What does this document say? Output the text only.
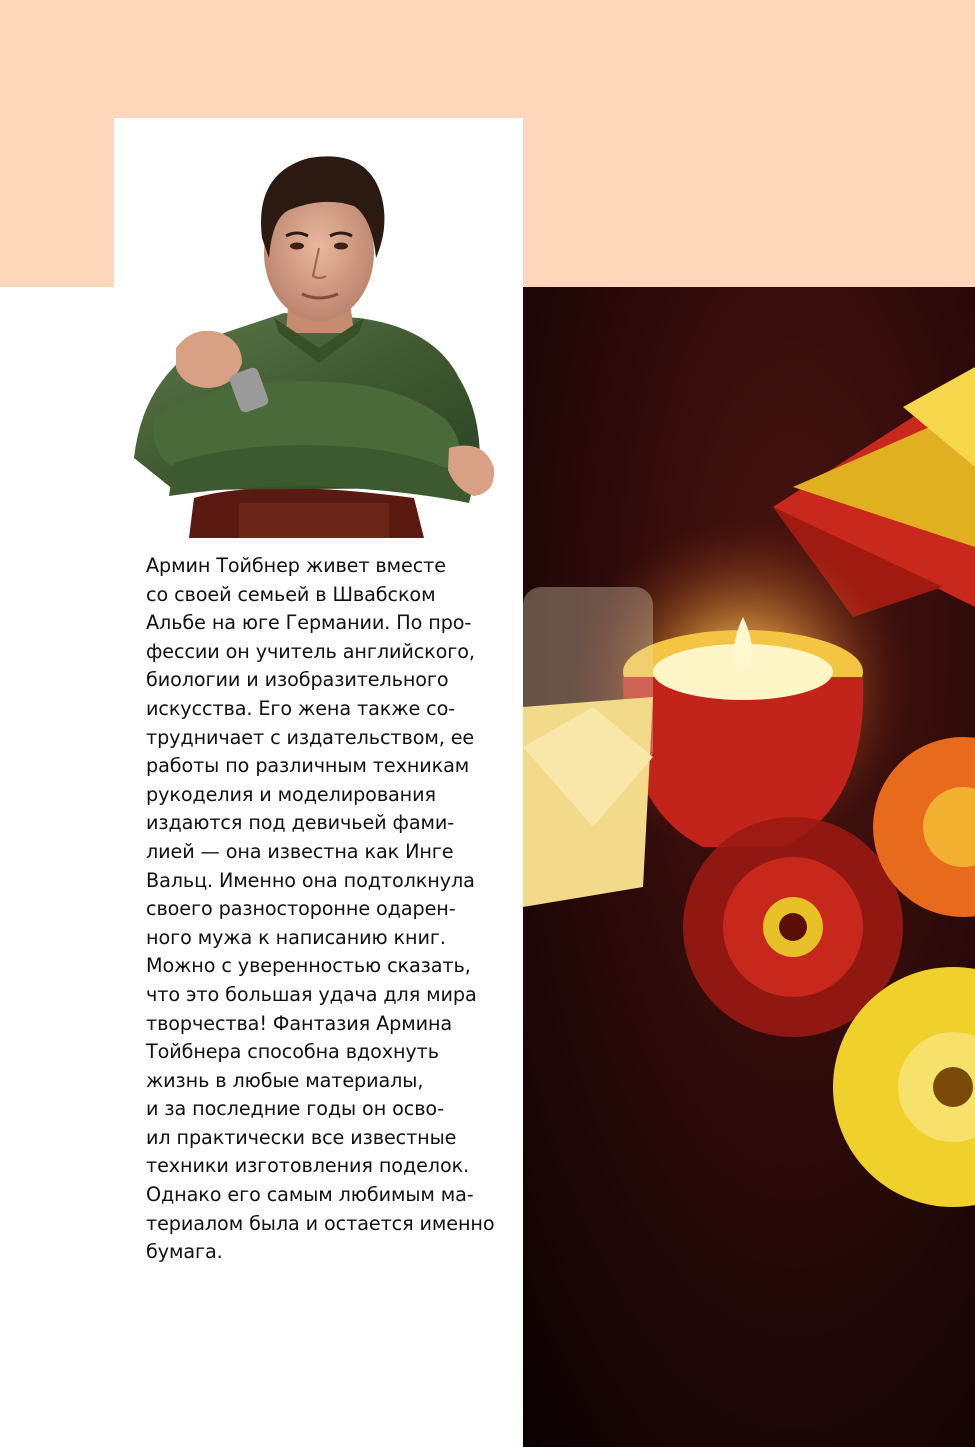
Армин Тойбнер живет вместе
со своей семьей в Швабском
Альбе на юге Германии. По про-
фессии он учитель английского,
биологии и изобразительного
искусства. Его жена также со-
трудничает с издательством, ее
работы по различным техникам
рукоделия и моделирования
издаются под девичьей фами-
лией — она известна как Инге
Вальц. Именно она подтолкнула
своего разносторонне одарен-
ного мужа к написанию книг.
Можно с уверенностью сказать,
что это большая удача для мира
творчества! Фантазия Армина
Тойбнера способна вдохнуть
жизнь в любые материалы,
и за последние годы он осво-
ил практически все известные
техники изготовления поделок.
Однако его самым любимым ма-
териалом была и остается именно
бумага.
